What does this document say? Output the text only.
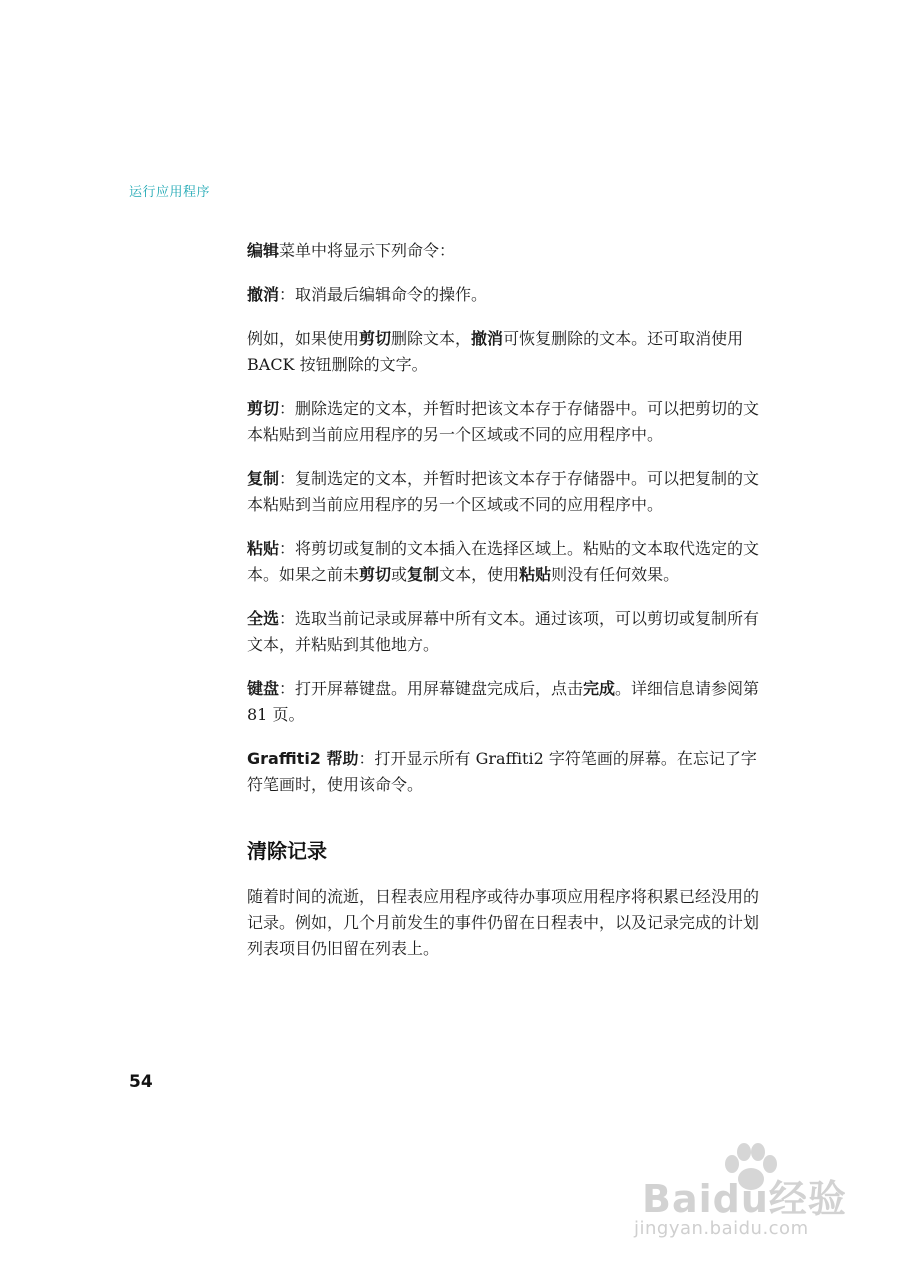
运行应用程序

编辑菜单中将显示下列命令：

撤消：取消最后编辑命令的操作。

例如，如果使用剪切删除文本，撤消可恢复删除的文本。还可取消使用 BACK 按钮删除的文字。

剪切：删除选定的文本，并暂时把该文本存于存储器中。可以把剪切的文本粘贴到当前应用程序的另一个区域或不同的应用程序中。

复制：复制选定的文本，并暂时把该文本存于存储器中。可以把复制的文本粘贴到当前应用程序的另一个区域或不同的应用程序中。

粘贴：将剪切或复制的文本插入在选择区域上。粘贴的文本取代选定的文本。如果之前未剪切或复制文本，使用粘贴则没有任何效果。

全选：选取当前记录或屏幕中所有文本。通过该项，可以剪切或复制所有文本，并粘贴到其他地方。

键盘：打开屏幕键盘。用屏幕键盘完成后，点击完成。详细信息请参阅第 81 页。

Graffiti2 帮助：打开显示所有 Graffiti2 字符笔画的屏幕。在忘记了字符笔画时，使用该命令。

清除记录

随着时间的流逝，日程表应用程序或待办事项应用程序将积累已经没用的记录。例如，几个月前发生的事件仍留在日程表中，以及记录完成的计划列表项目仍旧留在列表上。

54
Baidu经验
jingyan.baidu.com
